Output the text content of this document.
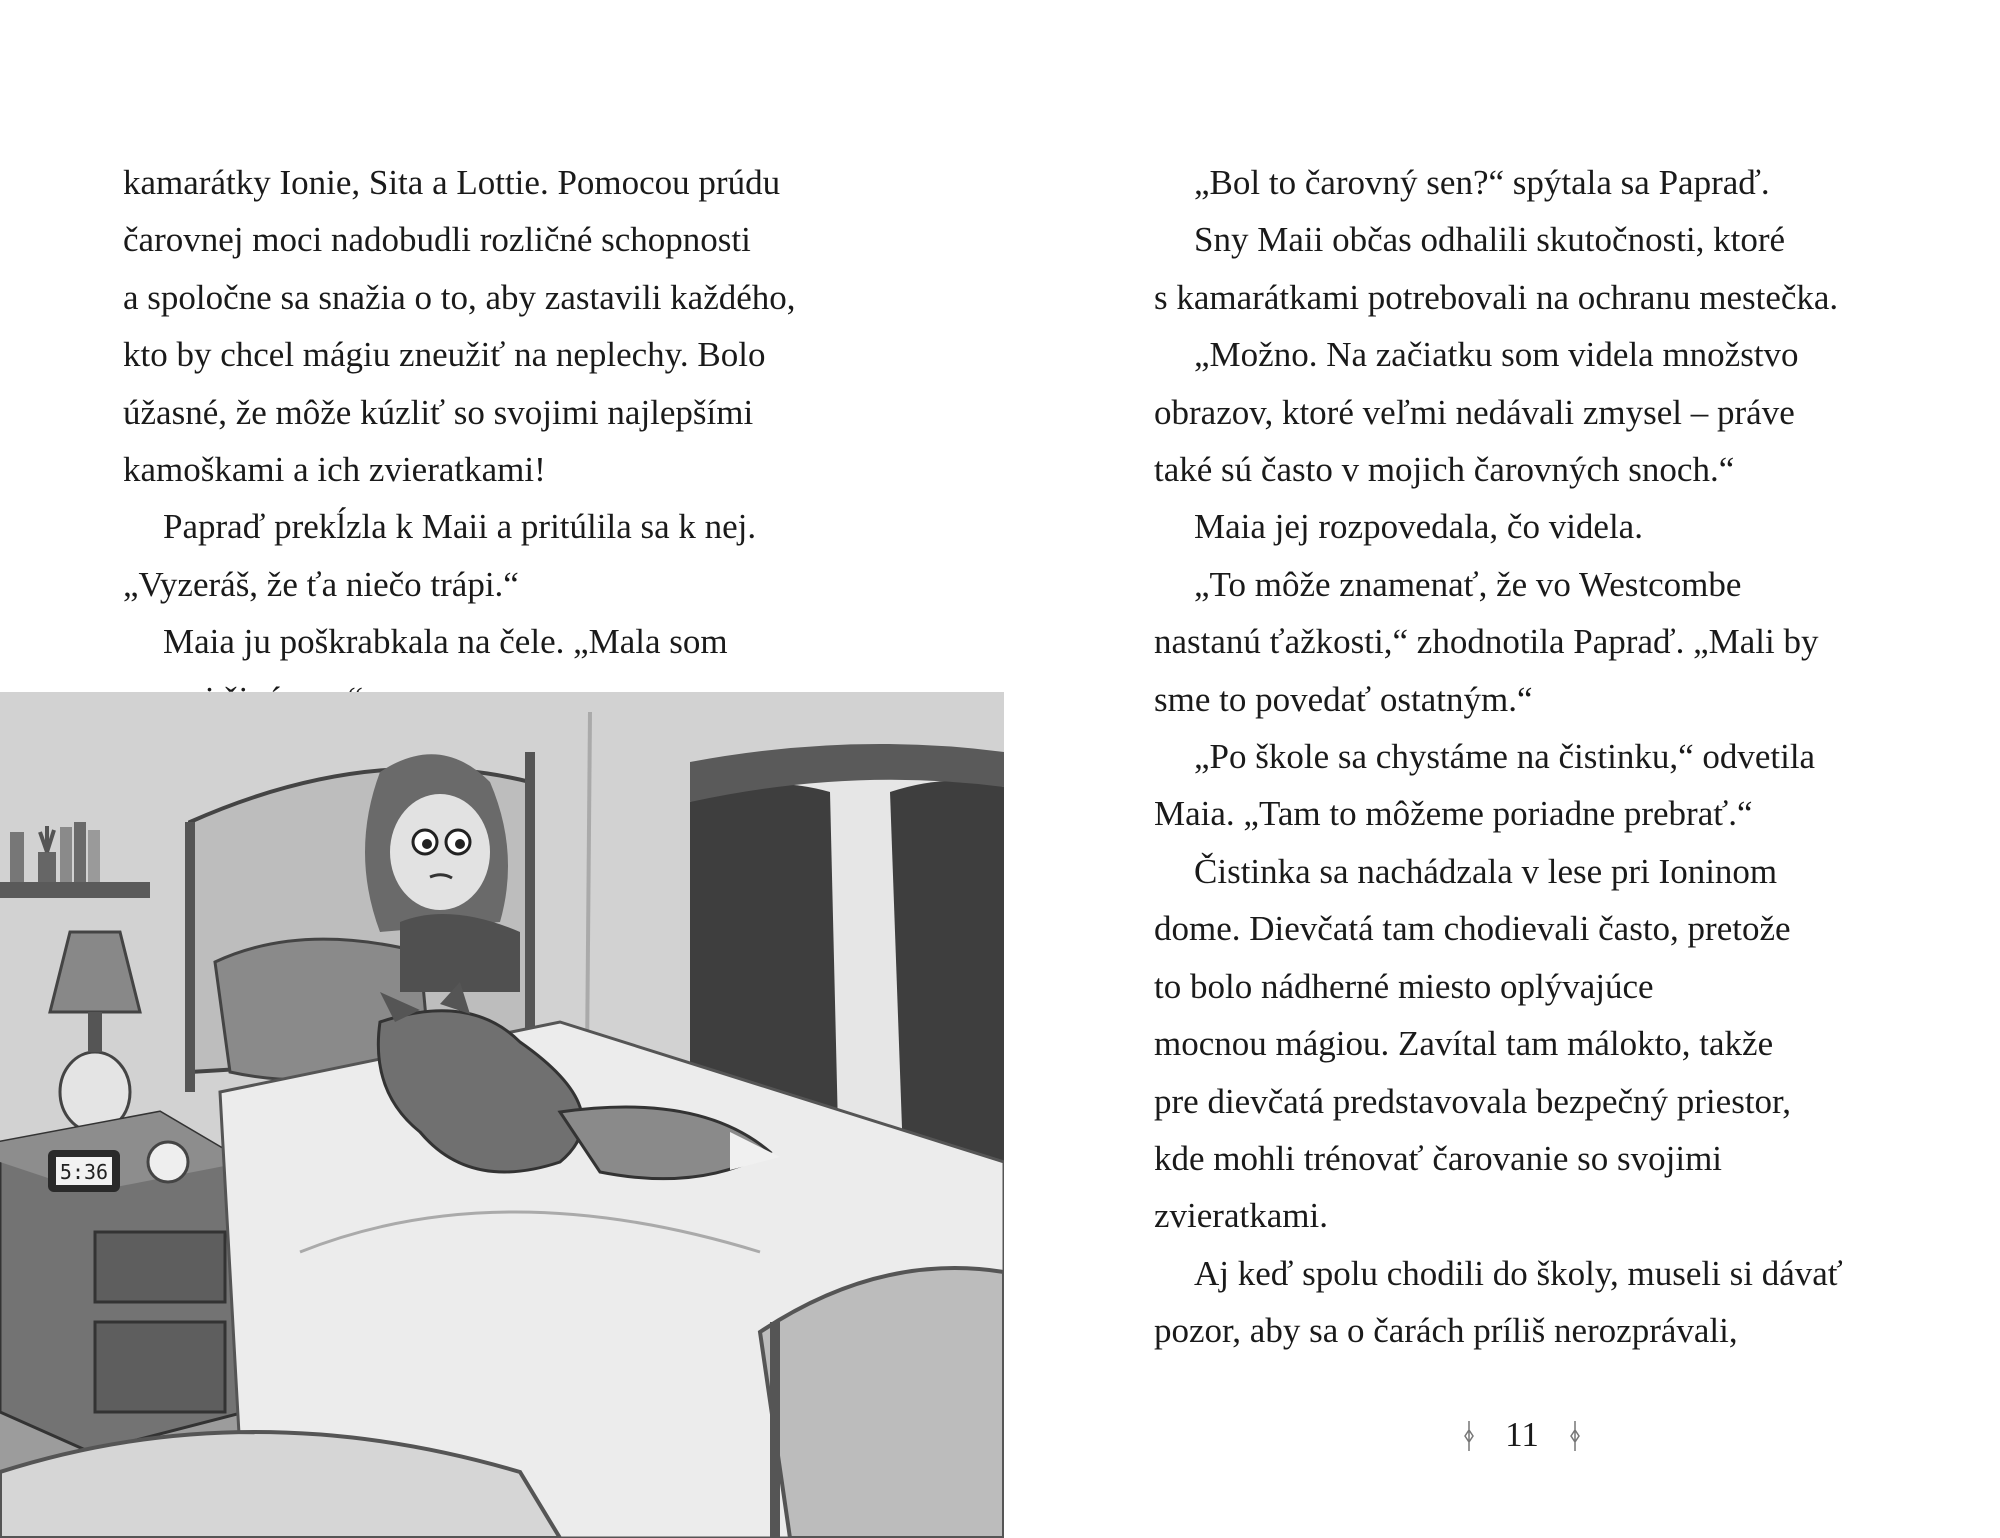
kamarátky Ionie, Sita a Lottie. Pomocou prúdu
čarovnej moci nadobudli rozličné schopnosti
a spoločne sa snažia o to, aby zastavili každého,
kto by chcel mágiu zneužiť na neplechy. Bolo
úžasné, že môže kúzliť so svojimi najlepšími
kamoškami a ich zvieratkami!
Papraď prekĺzla k Maii a pritúlila sa k nej.
„Vyzeráš, že ťa niečo trápi.“
Maia ju poškrabkala na čele. „Mala som
5:36
„Bol to čarovný sen?“ spýtala sa Papraď.
Sny Maii občas odhalili skutočnosti, ktoré
s kamarátkami potrebovali na ochranu mestečka.
„Možno. Na začiatku som videla množstvo
obrazov, ktoré veľmi nedávali zmysel – práve
také sú často v mojich čarovných snoch.“
Maia jej rozpovedala, čo videla.
„To môže znamenať, že vo Westcombe
nastanú ťažkosti,“ zhodnotila Papraď. „Mali by
sme to povedať ostatným.“
„Po škole sa chystáme na čistinku,“ odvetila
Maia. „Tam to môžeme poriadne prebrať.“
Čistinka sa nachádzala v lese pri Ioninom
dome. Dievčatá tam chodievali často, pretože
to bolo nádherné miesto oplývajúce
mocnou mágiou. Zavítal tam málokto, takže
pre dievčatá predstavovala bezpečný priestor,
kde mohli trénovať čarovanie so svojimi
zvieratkami.
Aj keď spolu chodili do školy, museli si dávať
pozor, aby sa o čarách príliš nerozprávali,
11
